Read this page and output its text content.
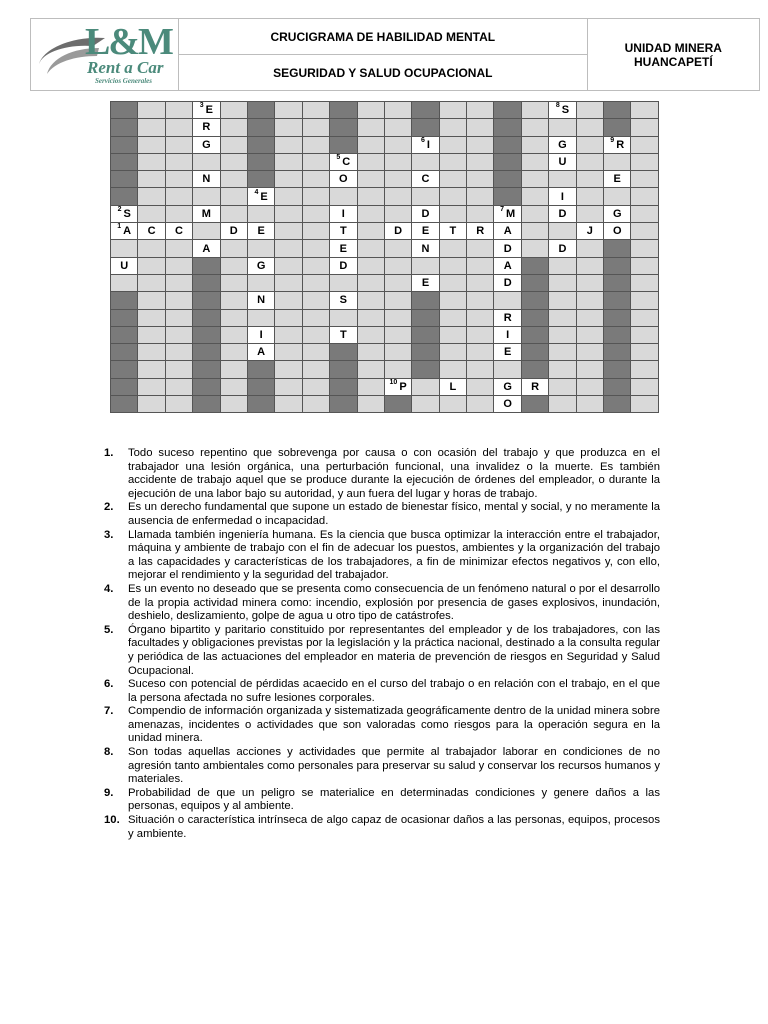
L&M
Rent a Car
Servicios Generales
	CRUCIGRAMA DE HABILIDAD MENTAL	
UNIDAD MINERA
HUANCAPETÍ

SEGURIDAD Y SALUD OCUPACIONAL
			$^3$ E													$^8$ S			
			R																
			G								$^6$ I					G		$^9$ R	
								$^5$ C								U			
			N					O			C							E	
					$^4$ E											I			
$^2$ S			M					I			D			$^7$ M		D		G	
$^1$ A	C	C		D	E			T		D	E	T	R	A			J	O	
			A					E			N			D		D			
U					G			D						A					
											E			D					
					N			S											
														R					
					I			T						I					
					A									E					

										$^{10}$ P		L		G	R				
														O					
1.	Todo suceso repentino que sobrevenga por causa o con ocasión del trabajo y que produzca en el trabajador una lesión orgánica, una perturbación funcional, una invalidez o la muerte. Es también accidente de trabajo aquel que se produce durante la ejecución de órdenes del empleador, o durante la ejecución de una labor bajo su autoridad, y aun fuera del lugar y horas de trabajo.
2.	Es un derecho fundamental que supone un estado de bienestar físico, mental y social, y no meramente la ausencia de enfermedad o incapacidad.
3.	Llamada también ingeniería humana. Es la ciencia que busca optimizar la interacción entre el trabajador, máquina y ambiente de trabajo con el fin de adecuar los puestos, ambientes y la organización del trabajo a las capacidades y características de los trabajadores, a fin de minimizar efectos negativos y, con ello, mejorar el rendimiento y la seguridad del trabajador.
4.	Es un evento no deseado que se presenta como consecuencia de un fenómeno natural o por el desarrollo de la propia actividad minera como: incendio, explosión por presencia de gases explosivos, inundación, deshielo, deslizamiento, golpe de agua u otro tipo de catástrofes.
5.	Órgano bipartito y paritario constituido por representantes del empleador y de los trabajadores, con las facultades y obligaciones previstas por la legislación y la práctica nacional, destinado a la consulta regular y periódica de las actuaciones del empleador en materia de prevención de riesgos en Seguridad y Salud Ocupacional.
6.	Suceso con potencial de pérdidas acaecido en el curso del trabajo o en relación con el trabajo, en el que la persona afectada no sufre lesiones corporales.
7.	Compendio de información organizada y sistematizada geográficamente dentro de la unidad minera sobre amenazas, incidentes o actividades que son valoradas como riesgos para la operación segura en la unidad minera.
8.	Son todas aquellas acciones y actividades que permite al trabajador laborar en condiciones de no agresión tanto ambientales como personales para preservar su salud y conservar los recursos humanos y materiales.
9.	Probabilidad de que un peligro se materialice en determinadas condiciones y genere daños a las personas, equipos y al ambiente.
10. Situación o característica intrínseca de algo capaz de ocasionar daños a las personas, equipos, procesos y ambiente.
